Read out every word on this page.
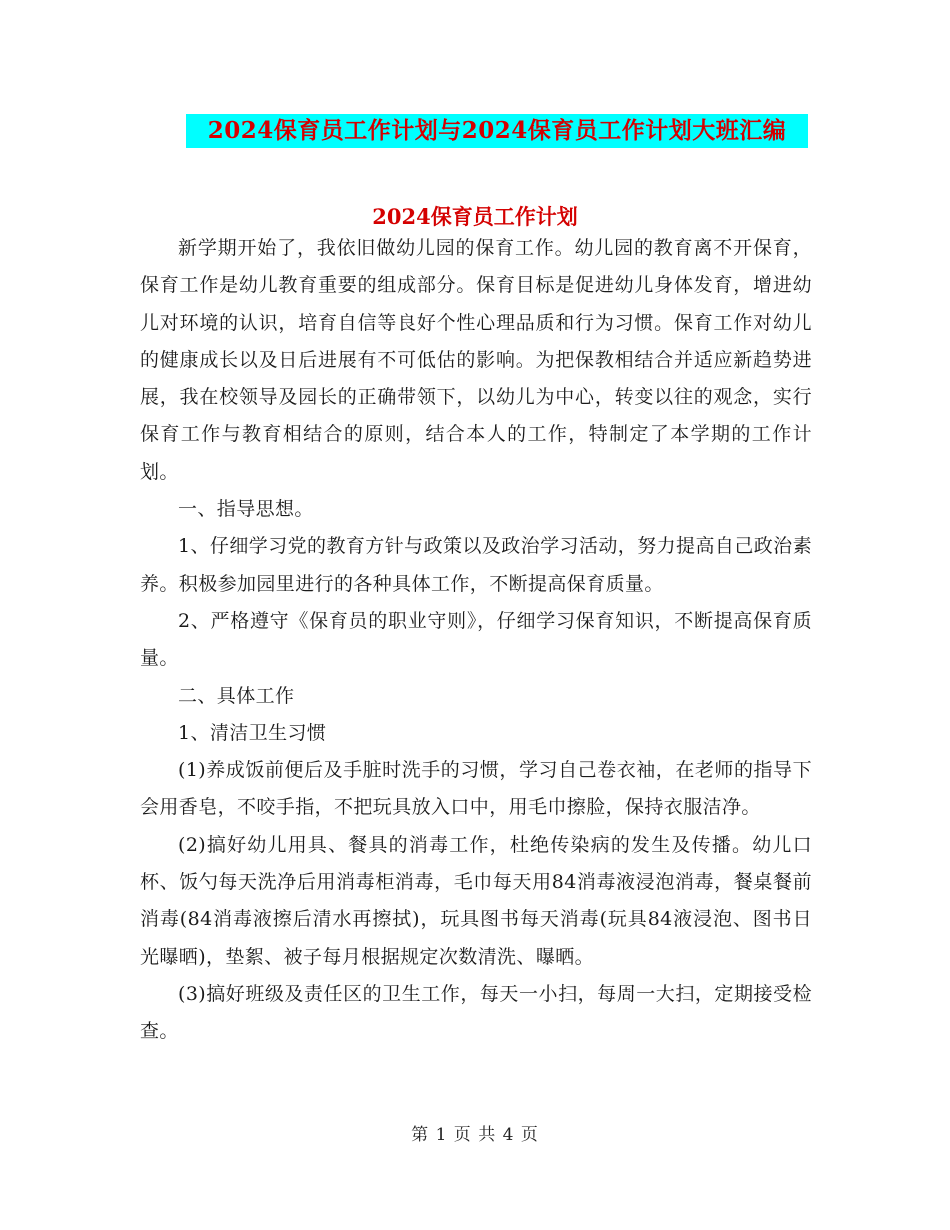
2024保育员工作计划与2024保育员工作计划大班汇编
2024保育员工作计划

新学期开始了，我依旧做幼儿园的保育工作。幼儿园的教育离不开保育，保育工作是幼儿教育重要的组成部分。保育目标是促进幼儿身体发育，增进幼儿对环境的认识，培育自信等良好个性心理品质和行为习惯。保育工作对幼儿的健康成长以及日后进展有不可低估的影响。为把保教相结合并适应新趋势进展，我在校领导及园长的正确带领下，以幼儿为中心，转变以往的观念，实行保育工作与教育相结合的原则，结合本人的工作，特制定了本学期的工作计划。

一、指导思想。

1、仔细学习党的教育方针与政策以及政治学习活动，努力提高自己政治素养。积极参加园里进行的各种具体工作，不断提高保育质量。

2、严格遵守《保育员的职业守则》，仔细学习保育知识，不断提高保育质量。

二、具体工作

1、清洁卫生习惯

(1)养成饭前便后及手脏时洗手的习惯，学习自己卷衣袖，在老师的指导下会用香皂，不咬手指，不把玩具放入口中，用毛巾擦脸，保持衣服洁净。

(2)搞好幼儿用具、餐具的消毒工作，杜绝传染病的发生及传播。幼儿口杯、饭勺每天洗净后用消毒柜消毒，毛巾每天用84消毒液浸泡消毒，餐桌餐前消毒(84消毒液擦后清水再擦拭)，玩具图书每天消毒(玩具84液浸泡、图书日光曝晒)，垫絮、被子每月根据规定次数清洗、曝晒。

(3)搞好班级及责任区的卫生工作，每天一小扫，每周一大扫，定期接受检查。

第 1 页 共 4 页
